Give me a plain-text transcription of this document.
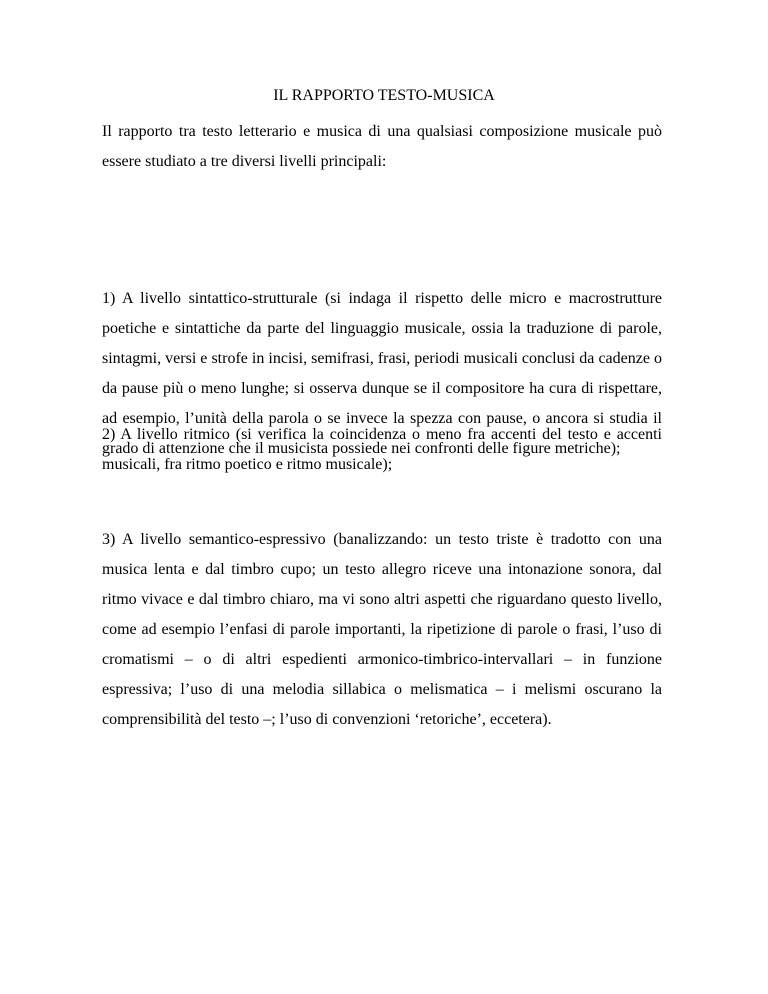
IL RAPPORTO TESTO-MUSICA

Il rapporto tra testo letterario e musica di una qualsiasi composizione musicale può essere studiato a tre diversi livelli principali:

1) A livello sintattico-strutturale (si indaga il rispetto delle micro e macrostrutture poetiche e sintattiche da parte del linguaggio musicale, ossia la traduzione di parole, sintagmi, versi e strofe in incisi, semifrasi, frasi, periodi musicali conclusi da cadenze o da pause più o meno lunghe; si osserva dunque se il compositore ha cura di rispettare, ad esempio, l’unità della parola o se invece la spezza con pause, o ancora si studia il grado di attenzione che il musicista possiede nei confronti delle figure metriche);

2) A livello ritmico (si verifica la coincidenza o meno fra accenti del testo e accenti musicali, fra ritmo poetico e ritmo musicale);

3) A livello semantico-espressivo (banalizzando: un testo triste è tradotto con una musica lenta e dal timbro cupo; un testo allegro riceve una intonazione sonora, dal ritmo vivace e dal timbro chiaro, ma vi sono altri aspetti che riguardano questo livello, come ad esempio l’enfasi di parole importanti, la ripetizione di parole o frasi, l’uso di cromatismi – o di altri espedienti armonico-timbrico-intervallari – in funzione espressiva; l’uso di una melodia sillabica o melismatica – i melismi oscurano la comprensibilità del testo –; l’uso di convenzioni ‘retoriche’, eccetera).
